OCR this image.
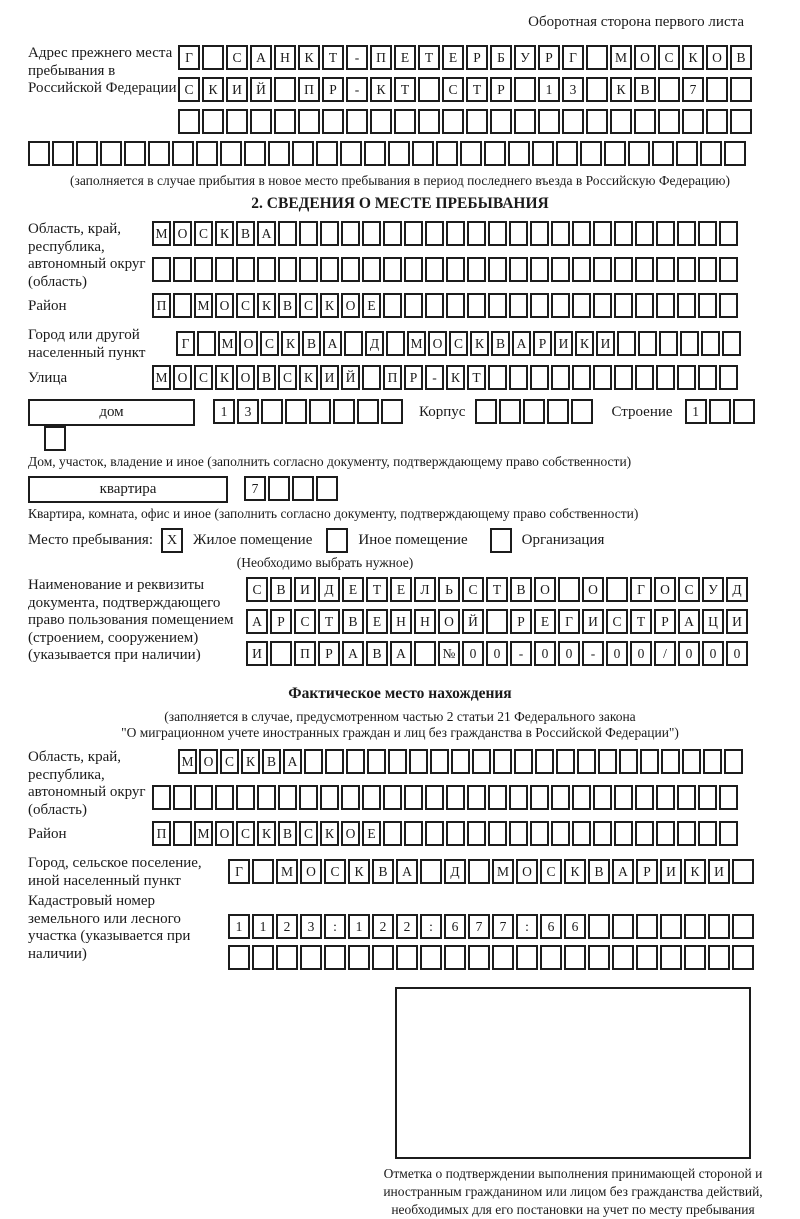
Оборотная сторона первого листа
Адрес прежнего места пребывания в Российской Федерации
Г	С А Н К Т - П Е Т Е Р Б У Р Г	М О С К О В
С К И Й	П Р - К Т	С Т Р	1 3	К В	7
(заполняется в случае прибытия в новое место пребывания в период последнего въезда в Российскую Федерацию)
2. СВЕДЕНИЯ О МЕСТЕ ПРЕБЫВАНИЯ
Область, край, республика, автономный округ (область)
М О С К В А
Район	П М О С К В С К О Е
Город или другой населенный пункт
Г М О С К В А Д М О С К В А Р И К И
Улица	М О С К О В С К И Й П Р - К Т
дом	1 3	Корпус	Строение 1
Дом, участок, владение и иное (заполнить согласно документу, подтверждающему право собственности)
квартира	7
Квартира, комната, офис и иное (заполнить согласно документу, подтверждающему право собственности)
Место пребывания: X	Жилое помещение	Иное помещение	Организация
(Необходимо выбрать нужное)
Наименование и реквизиты документа, подтверждающего право пользования помещением (строением, сооружением) (указывается при наличии)
С В И Д Е Т Е Л Ь С Т В О	О	Г О С У Д
А Р С Т В Е Н Н О Й	Р Е Г И С Т Р А Ц И
И	П Р А В А	№ 0 0 - 0 0 - 0 0 / 0 0 0
Фактическое место нахождения
(заполняется в случае, предусмотренном частью 2 статьи 21 Федерального закона
"О миграционном учете иностранных граждан и лиц без гражданства в Российской Федерации")
Область, край, республика, автономный округ (область)
М О С К В А
Район	П М О С К В С К О Е
Город, сельское поселение, иной населенный пункт
Г	М О С К В А	Д	М О С К В А Р И К И
Кадастровый номер земельного или лесного участка (указывается при наличии)
1 1 2 3 : 1 2 2 : 6 7 7 : 6 6
Отметка о подтверждении выполнения принимающей стороной и иностранным гражданином или лицом без гражданства действий, необходимых для его постановки на учет по месту пребывания
